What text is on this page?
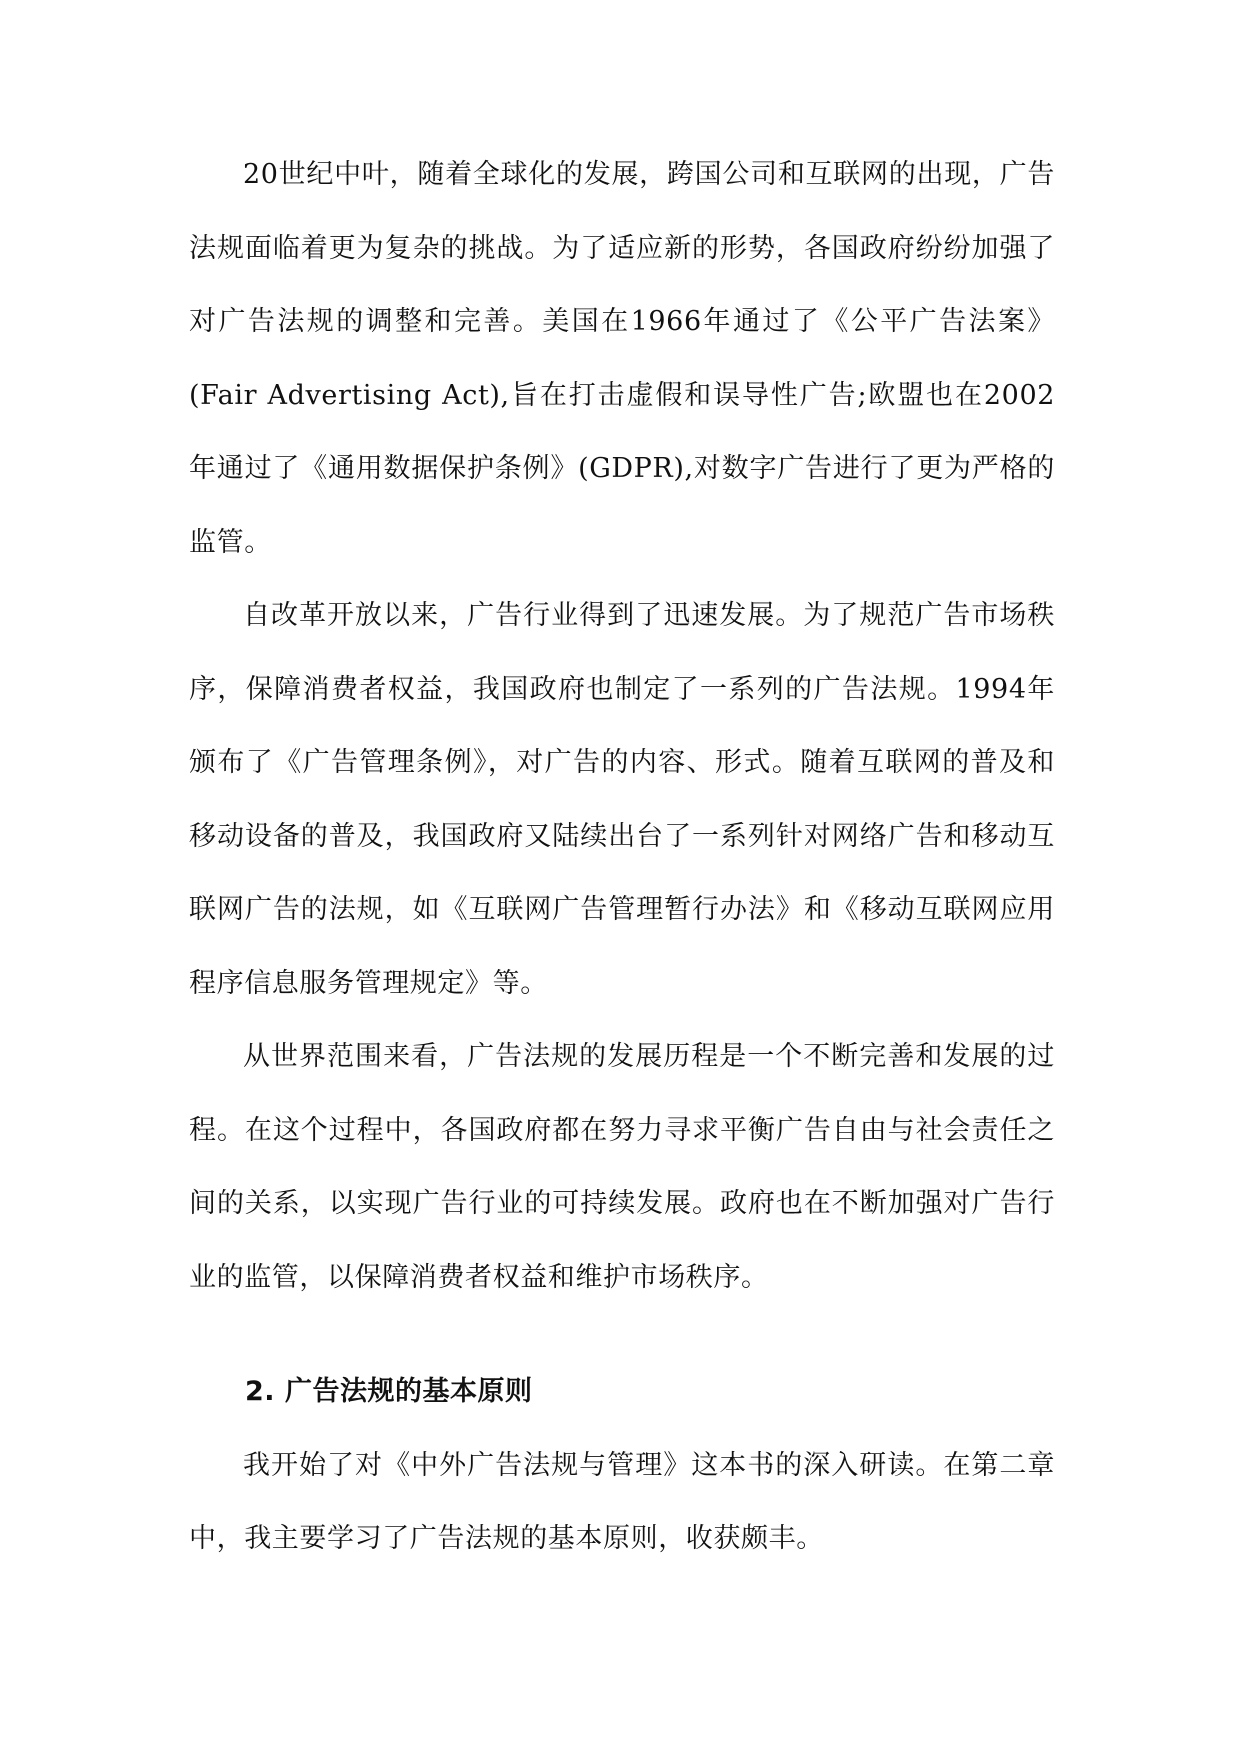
20世纪中叶，随着全球化的发展，跨国公司和互联网的出现，广告法规面临着更为复杂的挑战。为了适应新的形势，各国政府纷纷加强了对广告法规的调整和完善。美国在1966年通过了《公平广告法案》(Fair Advertising Act),旨在打击虚假和误导性广告;欧盟也在2002年通过了《通用数据保护条例》(GDPR),对数字广告进行了更为严格的监管。

自改革开放以来，广告行业得到了迅速发展。为了规范广告市场秩序，保障消费者权益，我国政府也制定了一系列的广告法规。1994年颁布了《广告管理条例》，对广告的内容、形式。随着互联网的普及和移动设备的普及，我国政府又陆续出台了一系列针对网络广告和移动互联网广告的法规，如《互联网广告管理暂行办法》和《移动互联网应用程序信息服务管理规定》等。

从世界范围来看，广告法规的发展历程是一个不断完善和发展的过程。在这个过程中，各国政府都在努力寻求平衡广告自由与社会责任之间的关系，以实现广告行业的可持续发展。政府也在不断加强对广告行业的监管，以保障消费者权益和维护市场秩序。

2. 广告法规的基本原则

我开始了对《中外广告法规与管理》这本书的深入研读。在第二章中，我主要学习了广告法规的基本原则，收获颇丰。
